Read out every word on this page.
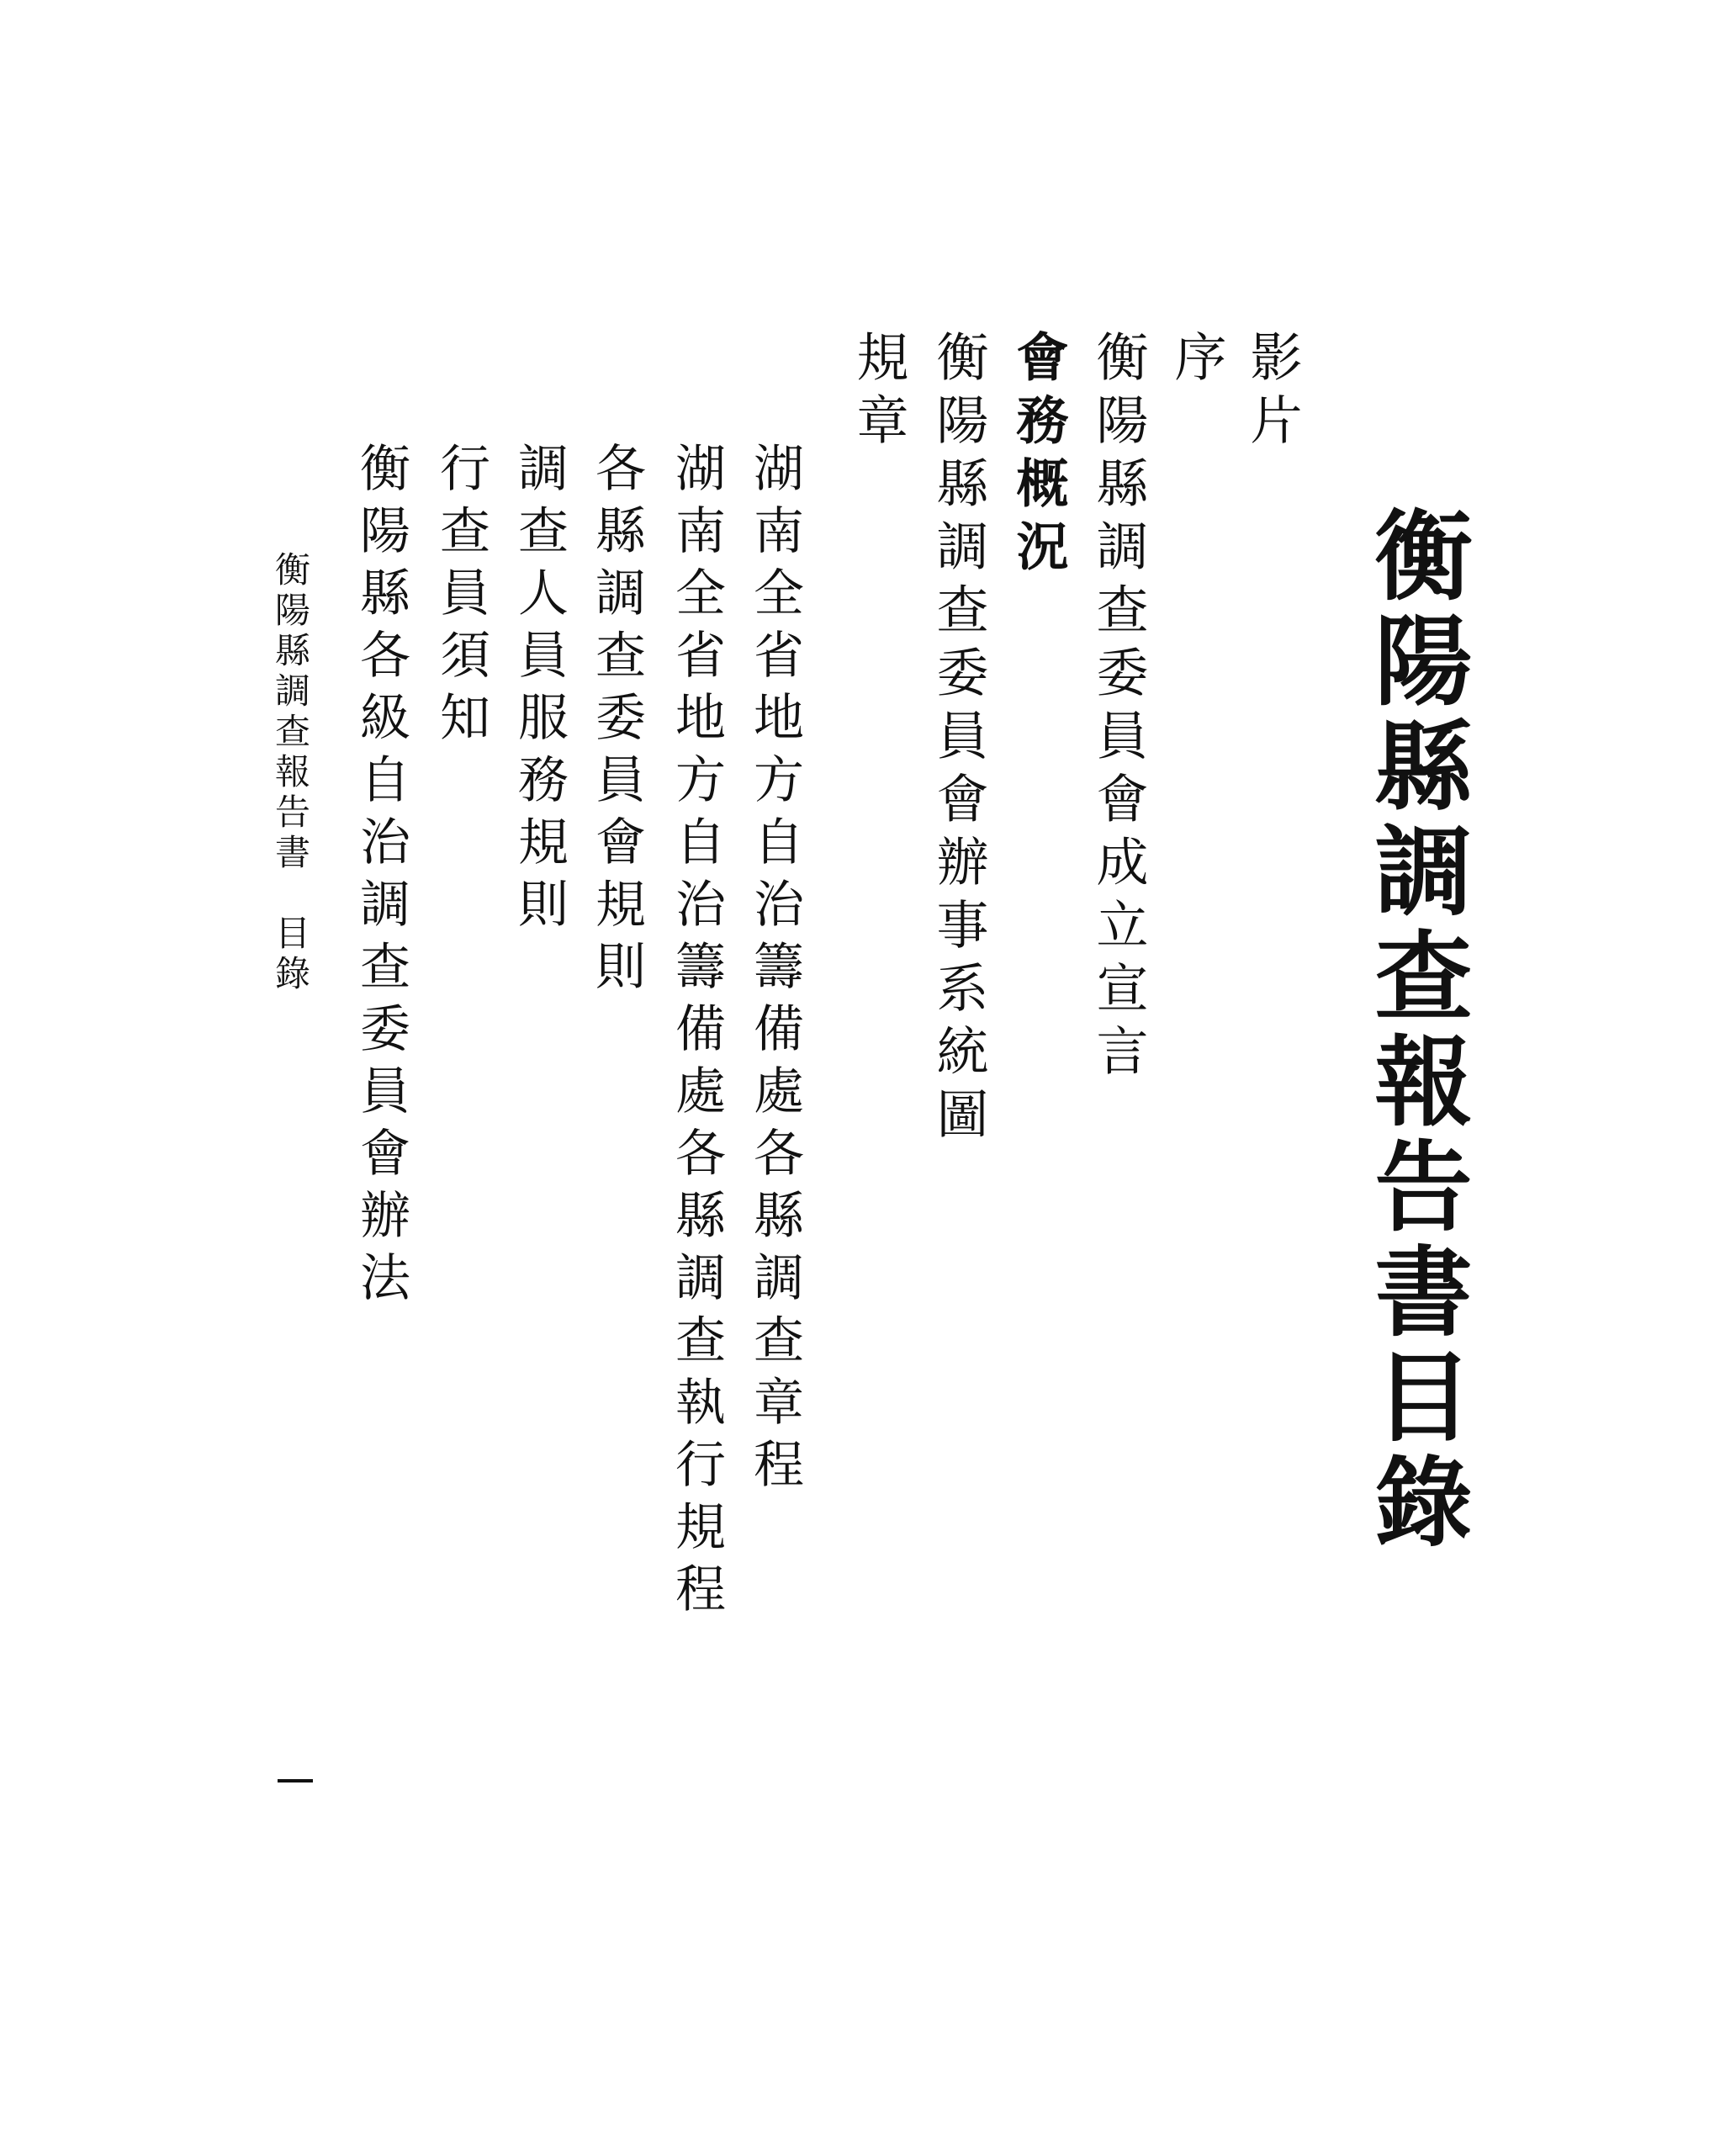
衡陽縣調查報告書目錄
影片
序
衡陽縣調查委員會成立宣言
會務概況
衡陽縣調查委員會辦事系統圖
規章
湖南全省地方自治籌備處各縣調查章程
湖南全省地方自治籌備處各縣調查執行規程
各縣調查委員會規則
調查人員服務規則
行查員須知
衡陽縣各級自治調查委員會辦法
衡陽縣調查報告書　目錄
